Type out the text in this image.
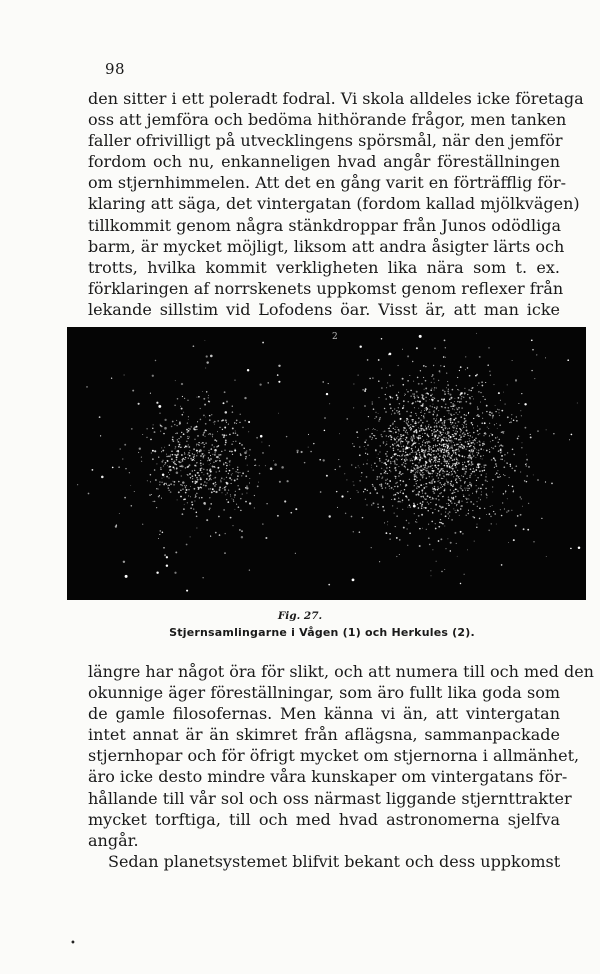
98
den sitter i ett poleradt fodral. Vi skola alldeles icke företaga
oss att jemföra och bedöma hithörande frågor, men tanken
faller ofrivilligt på utvecklingens spörsmål, när den jemför
fordom och nu, enkanneligen hvad angår föreställningen
om stjernhimmelen. Att det en gång varit en förträfflig för-
klaring att säga, det vintergatan (fordom kallad mjölkvägen)
tillkommit genom några stänkdroppar från Junos odödliga
barm, är mycket möjligt, liksom att andra åsigter lärts och
trotts, hvilka kommit verkligheten lika nära som t. ex.
förklaringen af norrskenets uppkomst genom reflexer från
lekande sillstim vid Lofodens öar. Visst är, att man icke
2
Fig. 27.
Stjernsamlingarne i Vågen (1) och Herkules (2).
längre har något öra för slikt, och att numera till och med den
okunnige äger föreställningar, som äro fullt lika goda som
de gamle filosofernas. Men känna vi än, att vintergatan
intet annat är än skimret från aflägsna, sammanpackade
stjernhopar och för öfrigt mycket om stjernorna i allmänhet,
äro icke desto mindre våra kunskaper om vintergatans för-
hållande till vår sol och oss närmast liggande stjernttrakter
mycket torftiga, till och med hvad astronomerna sjelfva
angår.
Sedan planetsystemet blifvit bekant och dess uppkomst
•
